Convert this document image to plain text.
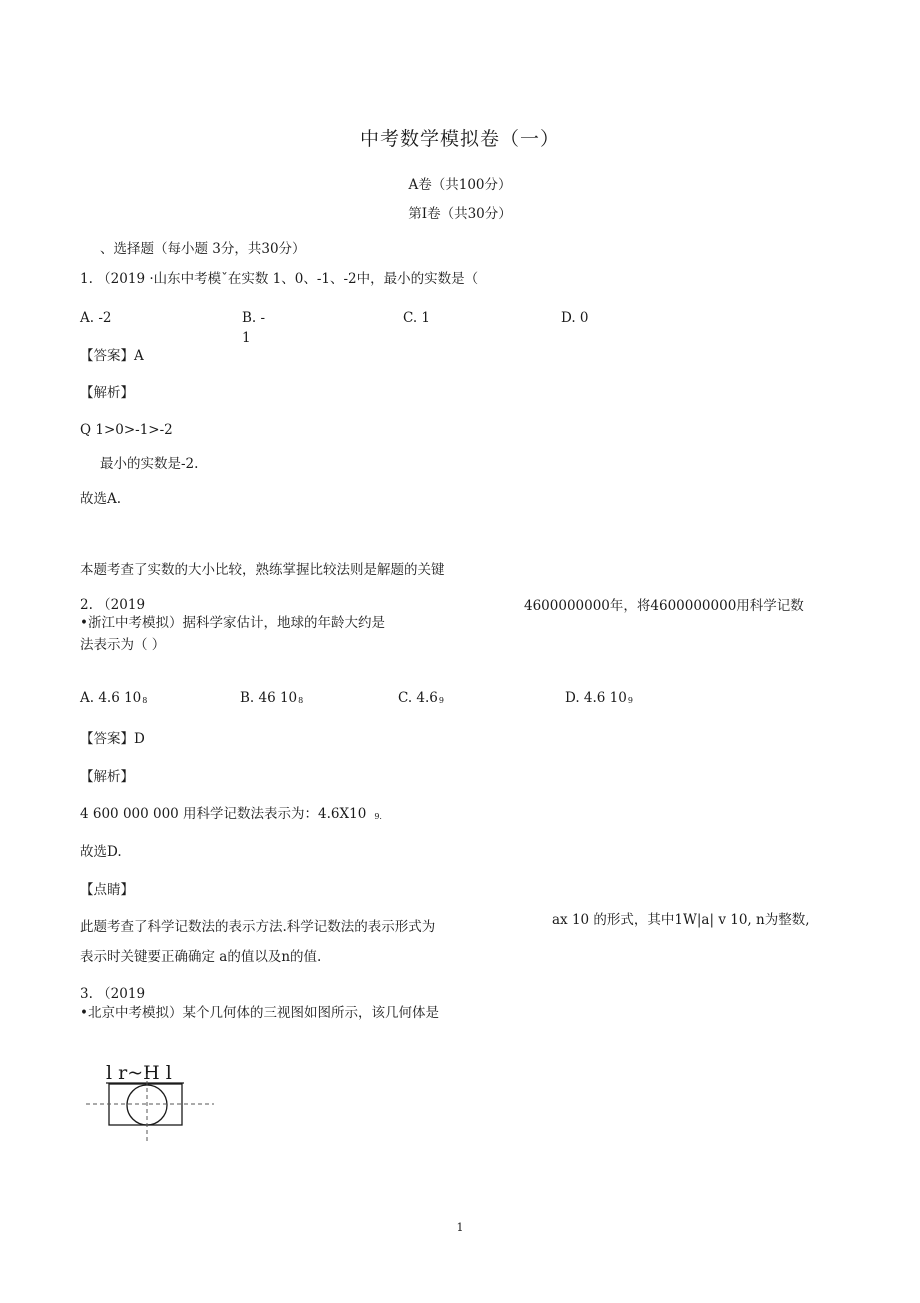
中考数学模拟卷（一）
A卷（共100分）
第I卷（共30分）
、选择题（每小题 3分，共30分）
1. （2019 ·山东中考模ˇ在实数 1、0、-1、-2中，最小的实数是（
A. -2	B. -
1
C. 1	D. 0
【答案】A
【解析】
Q 1>0>-1>-2
最小的实数是-2.
故选A.
本题考查了实数的大小比较，熟练掌握比较法则是解题的关键
2. （2019	4600000000年，将4600000000用科学记数
•浙江中考模拟）据科学家估计，地球的年龄大约是
法表示为（ ）
A. 4.6 $10_8$	B. 46 $10_8$	C. $4.6_9$	D. 4.6 $10_9$
【答案】D
【解析】
4 600 000 000 用科学记数法表示为：4.6X10 $_{9.}$
故选D.
【点睛】
此题考查了科学记数法的表示方法.科学记数法的表示形式为	ax 10 的形式，其中1W|a| v 10, n为整数,
表示时关键要正确确定 a的值以及n的值.
3. （2019
•北京中考模拟）某个几何体的三视图如图所示，该几何体是
l r~H l
1
